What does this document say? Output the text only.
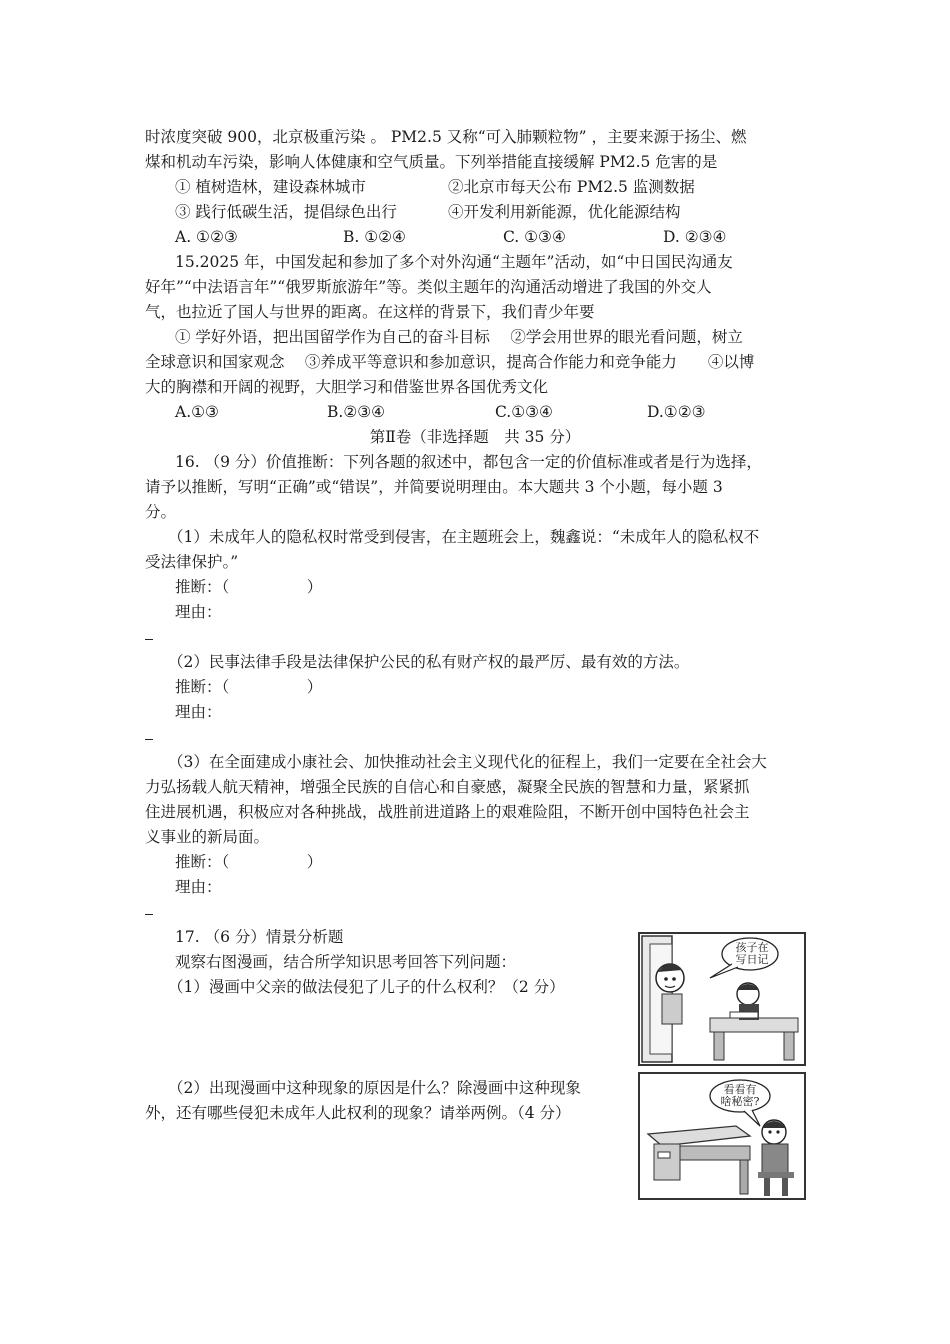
时浓度突破 900，北京极重污染 。 PM2.5 又称“可入肺颗粒物” ，主要来源于扬尘、燃
煤和机动车污染，影响人体健康和空气质量。下列举措能直接缓解 PM2.5 危害的是
① 植树造林，建设森林城市	②北京市每天公布 PM2.5 监测数据
③ 践行低碳生活，提倡绿色出行	④开发利用新能源，优化能源结构
A. ①②③	B. ①②④	C. ①③④	D. ②③④
15.2025 年，中国发起和参加了多个对外沟通“主题年”活动，如“中日国民沟通友
好年”“中法语言年”“俄罗斯旅游年”等。类似主题年的沟通活动增进了我国的外交人
气，也拉近了国人与世界的距离。在这样的背景下，我们青少年要
① 学好外语，把出国留学作为自己的奋斗目标　 ②学会用世界的眼光看问题，树立
全球意识和国家观念　 ③养成平等意识和参加意识，提高合作能力和竞争能力　　④以博
大的胸襟和开阔的视野，大胆学习和借鉴世界各国优秀文化
A.①③	B.②③④	C.①③④	D.①②③
第Ⅱ卷（非选择题　共 35 分）
16. （9 分）价值推断：下列各题的叙述中，都包含一定的价值标准或者是行为选择，
请予以推断，写明“正确”或“错误”，并简要说明理由。本大题共 3 个小题，每小题 3
分。
（1）未成年人的隐私权时常受到侵害，在主题班会上，魏鑫说：“未成年人的隐私权不
受法律保护。”
推断：（　　　　　）
理由：
（2）民事法律手段是法律保护公民的私有财产权的最严厉、最有效的方法。
推断：（　　　　　）
理由：
（3）在全面建成小康社会、加快推动社会主义现代化的征程上，我们一定要在全社会大
力弘扬载人航天精神，增强全民族的自信心和自豪感，凝聚全民族的智慧和力量，紧紧抓
住进展机遇，积极应对各种挑战，战胜前进道路上的艰难险阻，不断开创中国特色社会主
义事业的新局面。
推断：（　　　　　）
理由：
17. （6 分）情景分析题
观察右图漫画，结合所学知识思考回答下列问题：
（1）漫画中父亲的做法侵犯了儿子的什么权利？（2 分）
（2）出现漫画中这种现象的原因是什么？除漫画中这种现象
外，还有哪些侵犯未成年人此权利的现象？请举两例。（4 分）
孩子在
写日记
看看有
啥秘密?
